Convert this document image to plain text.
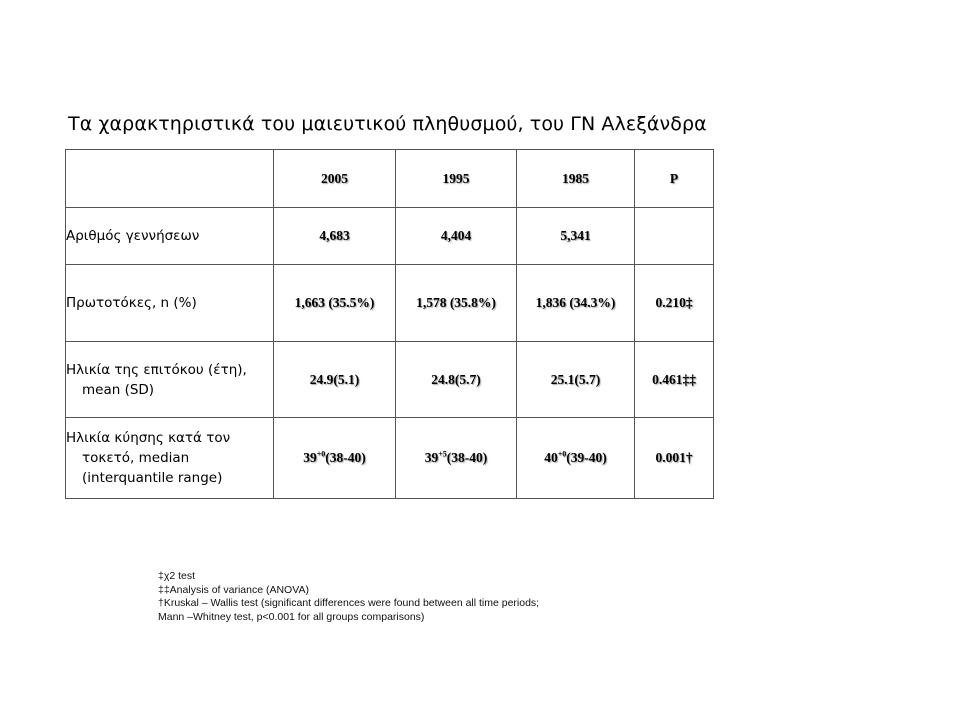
Τα χαρακτηριστικά του μαιευτικού πληθυσμού, του ΓΝ Αλεξάνδρα
	2005	1995	1985	P
Αριθμός γεννήσεων	4,683	4,404	5,341	
Πρωτοτόκες, n (%)	1,663 (35.5%)	1,578 (35.8%)	1,836 (34.3%)	0.210‡

Ηλικία της επιτόκου (έτη),
mean (SD)	24.9(5.1)	24.8(5.7)	25.1(5.7)	0.461‡‡

Ηλικία κύησης κατά τον
τοκετό, median
(interquantile range)	$39^{+0}(38-40)$	$39^{+5}(38-40)$	$40^{+0}(39-40)$	0.001†
‡χ2 test
‡‡Analysis of variance (ANOVA)
†Kruskal – Wallis test (significant differences were found between all time periods;
Mann –Whitney test, p<0.001 for all groups comparisons)
